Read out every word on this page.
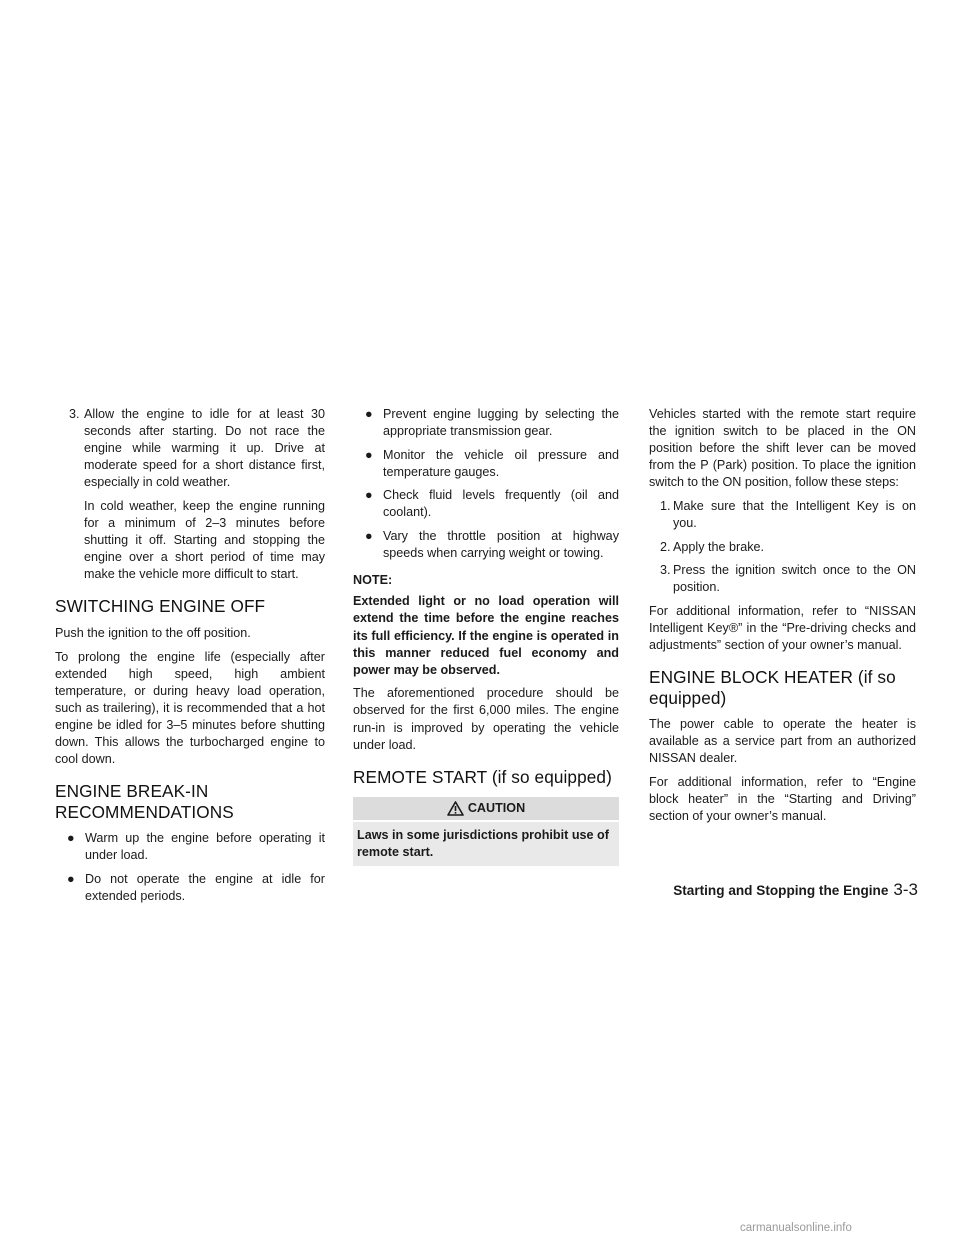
3. Allow the engine to idle for at least 30 seconds after starting. Do not race the engine while warming it up. Drive at moderate speed for a short distance first, especially in cold weather.

In cold weather, keep the engine running for a minimum of 2–3 minutes before shutting it off. Starting and stopping the engine over a short period of time may make the vehicle more difficult to start.

SWITCHING ENGINE OFF

Push the ignition to the off position.

To prolong the engine life (especially after extended high speed, high ambient temperature, or during heavy load operation, such as trailering), it is recommended that a hot engine be idled for 3–5 minutes before shutting down. This allows the turbocharged engine to cool down.

ENGINE BREAK-IN
RECOMMENDATIONS
● Warm up the engine before operating it under load.
● Do not operate the engine at idle for extended periods.
● Prevent engine lugging by selecting the appropriate transmission gear.
● Monitor the vehicle oil pressure and temperature gauges.
● Check fluid levels frequently (oil and coolant).
● Vary the throttle position at highway speeds when carrying weight or towing.

NOTE:

Extended light or no load operation will extend the time before the engine reaches its full efficiency. If the engine is operated in this manner reduced fuel economy and power may be observed.

The aforementioned procedure should be observed for the first 6,000 miles. The engine run-in is improved by operating the vehicle under load.

REMOTE START (if so equipped)
CAUTION
Laws in some jurisdictions prohibit use of remote start.

Vehicles started with the remote start require the ignition switch to be placed in the ON position before the shift lever can be moved from the P (Park) position. To place the ignition switch to the ON position, follow these steps:

1. Make sure that the Intelligent Key is on you.
2. Apply the brake.
3. Press the ignition switch once to the ON position.

For additional information, refer to “NISSAN Intelligent Key®” in the “Pre-driving checks and adjustments” section of your owner’s manual.

ENGINE BLOCK HEATER (if so
equipped)

The power cable to operate the heater is available as a service part from an authorized NISSAN dealer.

For additional information, refer to “Engine block heater” in the “Starting and Driving” section of your owner’s manual.

Starting and Stopping the Engine 3-3
carmanualsonline.info
